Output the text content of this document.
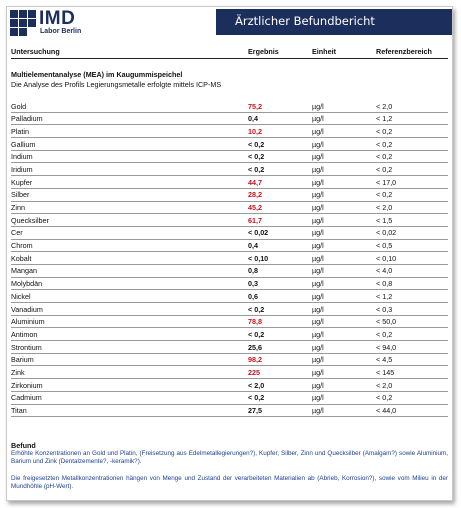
IMD
Labor Berlin
Ärztlicher Befundbericht
Untersuchung	Ergebnis	Einheit	Referenzbereich
Multielementanalyse (MEA) im Kaugummispeichel
Die Analyse des Profils Legierungsmetalle erfolgte mittels ICP-MS
Gold	75,2	µg/l	< 2,0
Palladium	0,4	µg/l	< 1,2
Platin	10,2	µg/l	< 0,2
Gallium	< 0,2	µg/l	< 0,2
Indium	< 0,2	µg/l	< 0,2
Iridium	< 0,2	µg/l	< 0,2
Kupfer	44,7	µg/l	< 17,0
Silber	28,2	µg/l	< 0,2
Zinn	45,2	µg/l	< 2,0
Quecksilber	61,7	µg/l	< 1,5
Cer	< 0,02	µg/l	< 0,02
Chrom	0,4	µg/l	< 0,5
Kobalt	< 0,10	µg/l	< 0,10
Mangan	0,8	µg/l	< 4,0
Molybdän	0,3	µg/l	< 0,8
Nickel	0,6	µg/l	< 1,2
Vanadium	< 0,2	µg/l	< 0,3
Aluminium	78,8	µg/l	< 50,0
Antimon	< 0,2	µg/l	< 0,2
Strontium	25,6	µg/l	< 94,0
Barium	98,2	µg/l	< 4,5
Zink	225	µg/l	< 145
Zirkonium	< 2,0	µg/l	< 2,0
Cadmium	< 0,2	µg/l	< 0,2
Titan	27,5	µg/l	< 44,0
Befund
Erhöhte Konzentrationen an Gold und Platin, (Freisetzung aus Edelmetallegierungen?), Kupfer, Silber, Zinn und Quecksilber (Amalgam?) sowie Aluminium, Barium und Zink (Dentalzemente?, -keramik?).
Die freigesetzten Metallkonzentrationen hängen von Menge und Zustand der verarbeiteten Materialien ab (Abrieb, Korrosion?), sowie vom Milieu in der Mundhöhle (pH-Wert).
